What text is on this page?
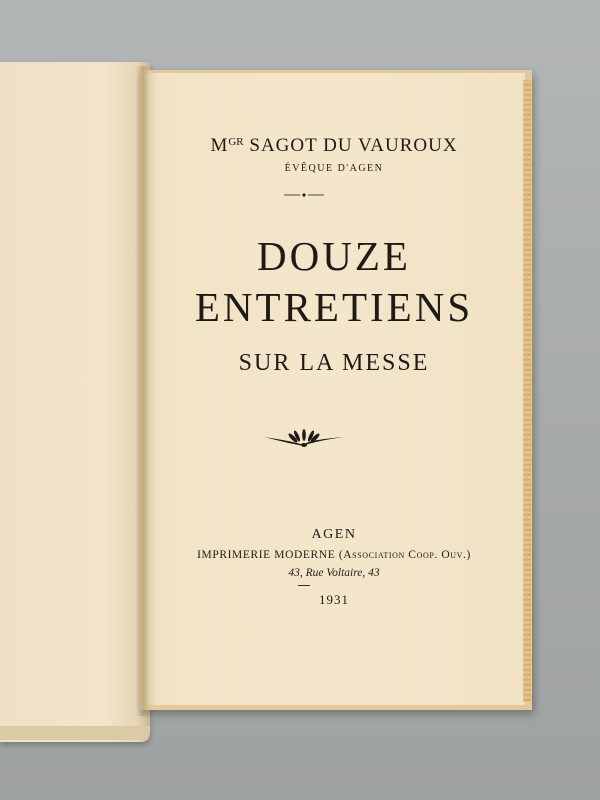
$M^{GR}$ SAGOT DU VAUROUX
ÉVÊQUE D'AGEN
DOUZE
ENTRETIENS
SUR LA MESSE
AGEN
IMPRIMERIE MODERNE (Association Coop. Ouv.)
43, Rue Voltaire, 43
1931
